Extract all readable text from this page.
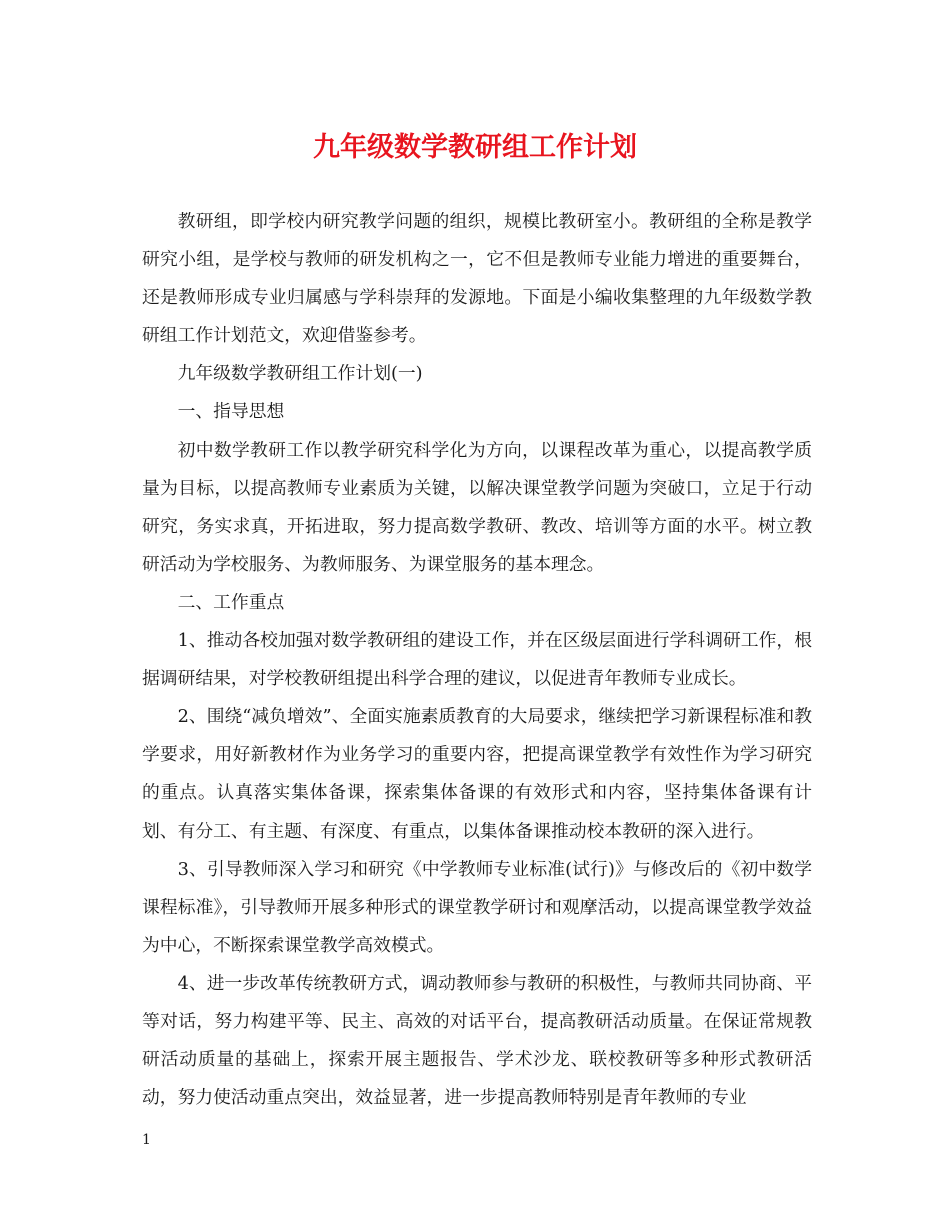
九年级数学教研组工作计划

教研组，即学校内研究教学问题的组织，规模比教研室小。教研组的全称是教学研究小组，是学校与教师的研发机构之一，它不但是教师专业能力增进的重要舞台，还是教师形成专业归属感与学科崇拜的发源地。下面是小编收集整理的九年级数学教研组工作计划范文，欢迎借鉴参考。

九年级数学教研组工作计划(一)

一、指导思想

初中数学教研工作以教学研究科学化为方向，以课程改革为重心，以提高教学质量为目标，以提高教师专业素质为关键，以解决课堂教学问题为突破口，立足于行动研究，务实求真，开拓进取，努力提高数学教研、教改、培训等方面的水平。树立教研活动为学校服务、为教师服务、为课堂服务的基本理念。

二、工作重点

1、推动各校加强对数学教研组的建设工作，并在区级层面进行学科调研工作，根据调研结果，对学校教研组提出科学合理的建议，以促进青年教师专业成长。

2、围绕“减负增效”、全面实施素质教育的大局要求，继续把学习新课程标准和教学要求，用好新教材作为业务学习的重要内容，把提高课堂教学有效性作为学习研究的重点。认真落实集体备课，探索集体备课的有效形式和内容，坚持集体备课有计划、有分工、有主题、有深度、有重点，以集体备课推动校本教研的深入进行。

3、引导教师深入学习和研究《中学教师专业标准(试行)》与修改后的《初中数学课程标准》，引导教师开展多种形式的课堂教学研讨和观摩活动，以提高课堂教学效益为中心，不断探索课堂教学高效模式。

4、进一步改革传统教研方式，调动教师参与教研的积极性，与教师共同协商、平等对话，努力构建平等、民主、高效的对话平台，提高教研活动质量。在保证常规教研活动质量的基础上，探索开展主题报告、学术沙龙、联校教研等多种形式教研活动，努力使活动重点突出，效益显著，进一步提高教师特别是青年教师的专业

1
